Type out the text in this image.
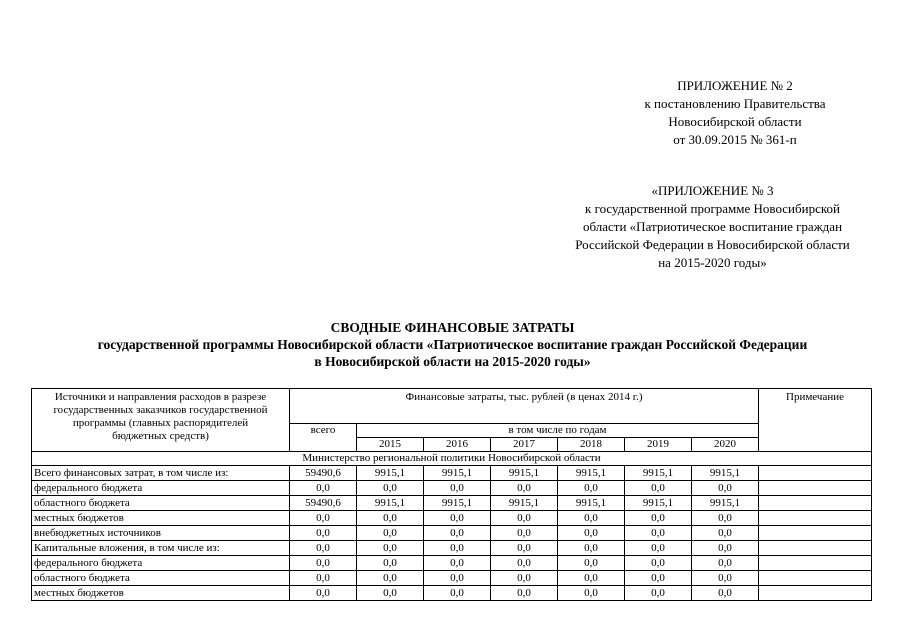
ПРИЛОЖЕНИЕ № 2
к постановлению Правительства
Новосибирской области
от 30.09.2015 № 361-п
«ПРИЛОЖЕНИЕ № 3
к государственной программе Новосибирской
области «Патриотическое воспитание граждан
Российской Федерации в Новосибирской области
на 2015-2020 годы»
СВОДНЫЕ ФИНАНСОВЫЕ ЗАТРАТЫ
государственной программы Новосибирской области «Патриотическое воспитание граждан Российской Федерации
в Новосибирской области на 2015-2020 годы»
Источники и направления расходов в разрезе государственных заказчиков государственной программы (главных распорядителей бюджетных средств)	Финансовые затраты, тыс. рублей (в ценах 2014 г.)							Примечание
	всего	в том числе по годам						
		2015	2016	2017	2018	2019	2020	
Министерство региональной политики Новосибирской области								
Всего финансовых затрат, в том числе из:	59490,6	9915,1	9915,1	9915,1	9915,1	9915,1	9915,1	
федерального бюджета	0,0	0,0	0,0	0,0	0,0	0,0	0,0	
областного бюджета	59490,6	9915,1	9915,1	9915,1	9915,1	9915,1	9915,1	
местных бюджетов	0,0	0,0	0,0	0,0	0,0	0,0	0,0	
внебюджетных источников	0,0	0,0	0,0	0,0	0,0	0,0	0,0	
Капитальные вложения, в том числе из:	0,0	0,0	0,0	0,0	0,0	0,0	0,0	
федерального бюджета	0,0	0,0	0,0	0,0	0,0	0,0	0,0	
областного бюджета	0,0	0,0	0,0	0,0	0,0	0,0	0,0	
местных бюджетов	0,0	0,0	0,0	0,0	0,0	0,0	0,0	
